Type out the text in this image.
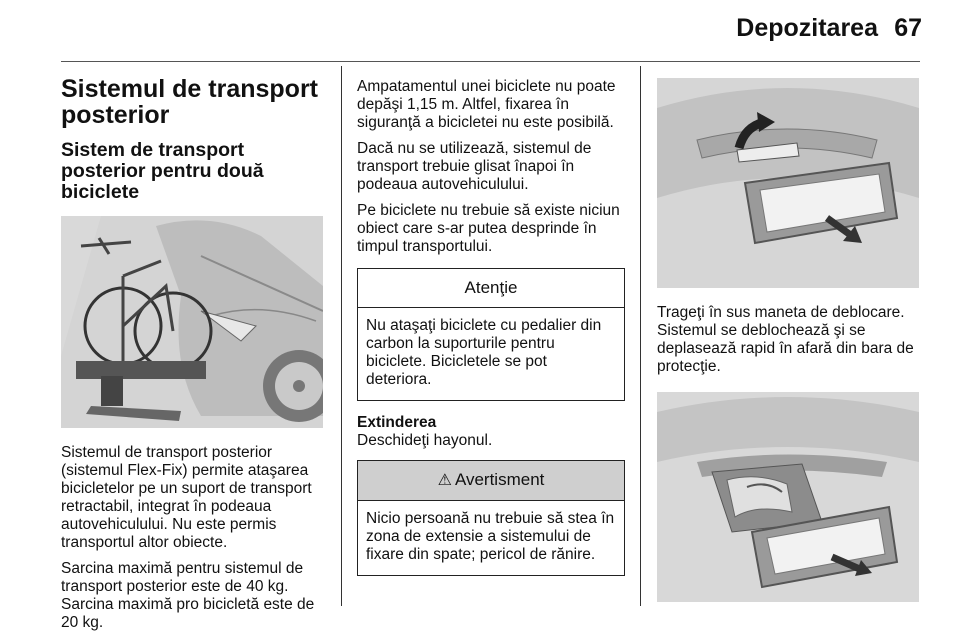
Depozitarea 67
Sistemul de transport posterior
Sistem de transport posterior pentru două biciclete

Sistemul de transport posterior (sistemul Flex-Fix) permite ataşarea bicicletelor pe un suport de transport retractabil, integrat în podeaua autovehiculului. Nu este permis transportul altor obiecte.

Sarcina maximă pentru sistemul de transport posterior este de 40 kg. Sarcina maximă pro bicicletă este de 20 kg.

Ampatamentul unei biciclete nu poate depăşi 1,15 m. Altfel, fixarea în siguranţă a bicicletei nu este posibilă.

Dacă nu se utilizează, sistemul de transport trebuie glisat înapoi în podeaua autovehiculului.

Pe biciclete nu trebuie să existe niciun obiect care s-ar putea desprinde în timpul transportului.

Atenţie
Nu ataşaţi biciclete cu pedalier din carbon la suporturile pentru biciclete. Bicicletele se pot deteriora.

Extinderea

Deschideţi hayonul.

⚠ Avertisment
Nicio persoană nu trebuie să stea în zona de extensie a sistemului de fixare din spate; pericol de rănire.

Trageţi în sus maneta de deblocare. Sistemul se deblochează şi se deplasează rapid în afară din bara de protecţie.
